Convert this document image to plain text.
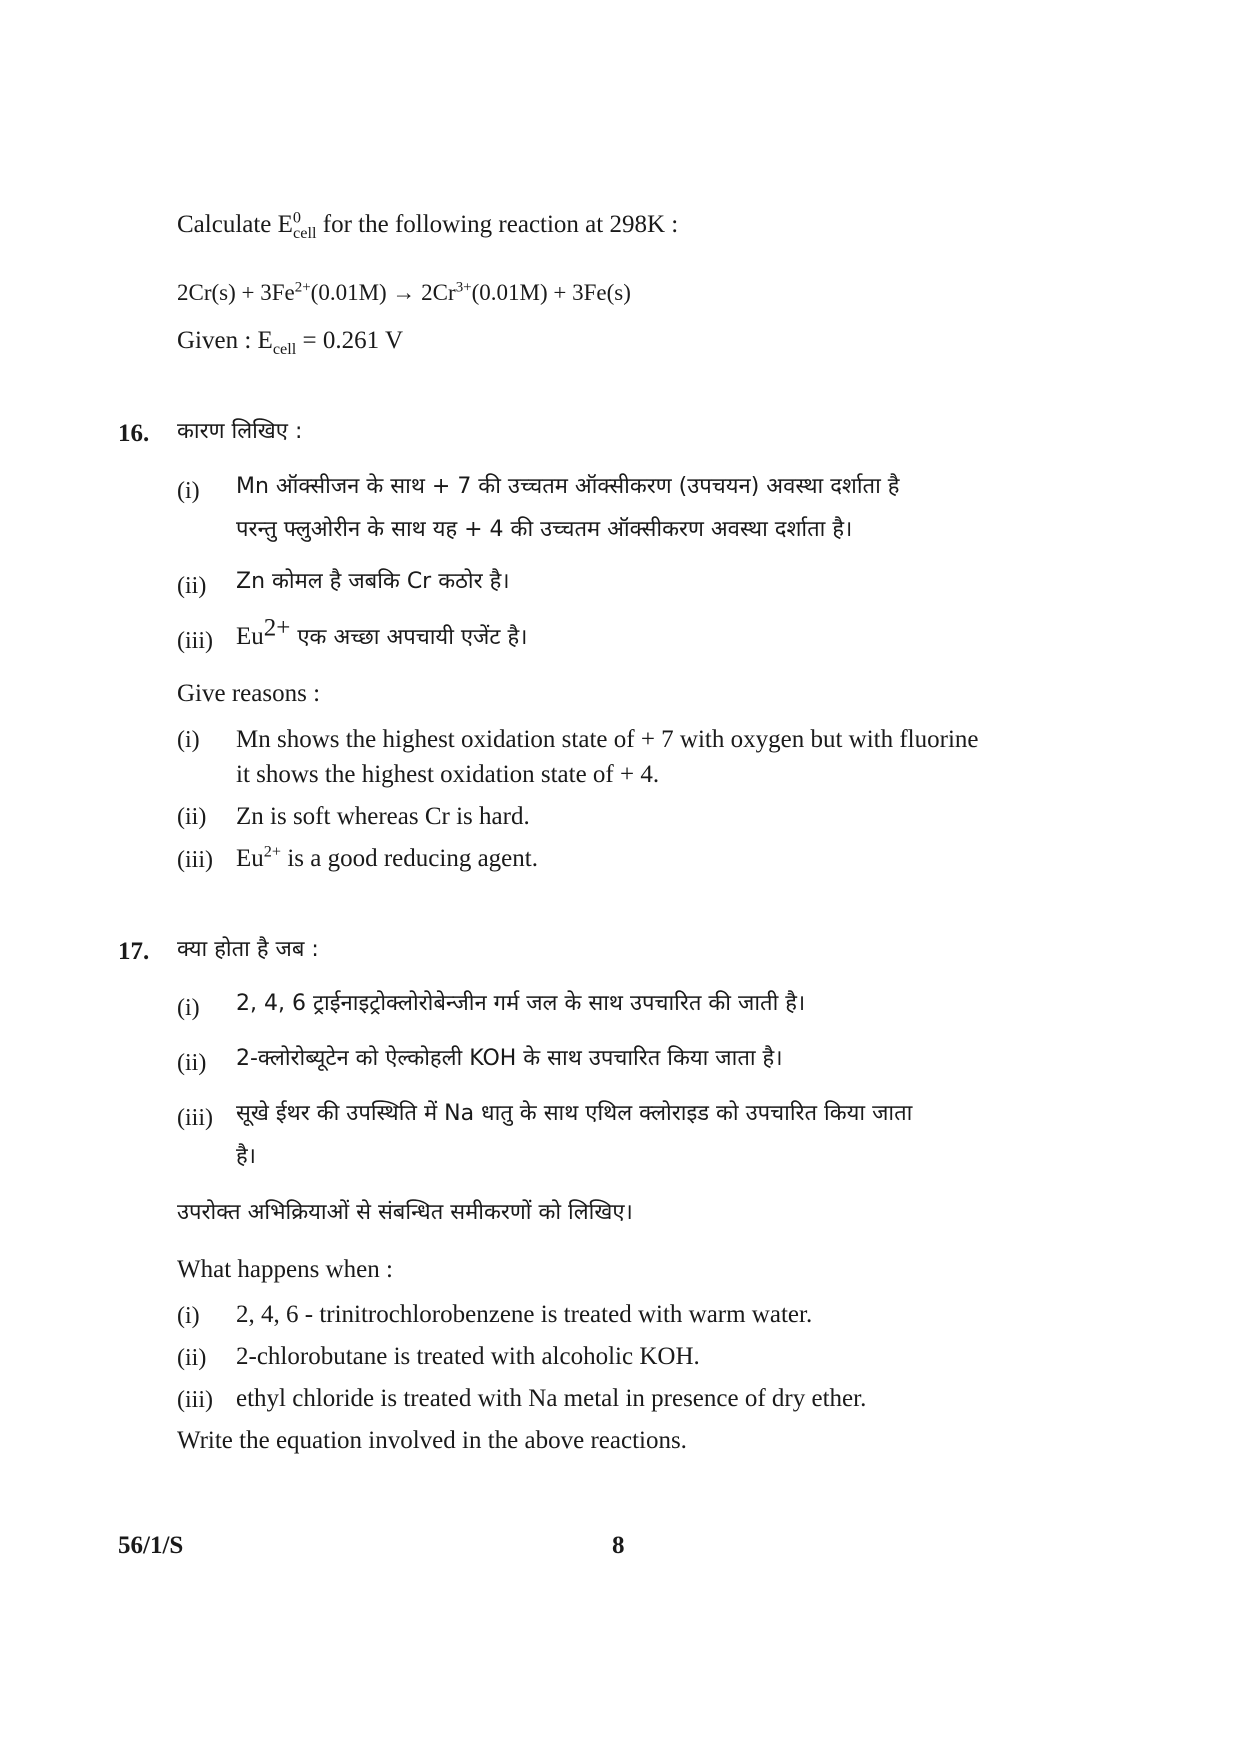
Calculate $E^0_{cell}$ for the following reaction at 298K :
$2Cr(s) + 3Fe^{2+}(0.01M) \to 2Cr^{3+}(0.01M) + 3Fe(s)$
Given : $E_{cell} = 0.261$ V
16. कारण लिखिए :
(i) Mn ऑक्सीजन के साथ + 7 की उच्चतम ऑक्सीकरण (उपचयन) अवस्था दर्शाता है
परन्तु फ्लुओरीन के साथ यह + 4 की उच्चतम ऑक्सीकरण अवस्था दर्शाता है।
(ii) Zn कोमल है जबकि Cr कठोर है।
(iii) $Eu^{2+}$ एक अच्छा अपचायी एजेंट है।
Give reasons :
(i) Mn shows the highest oxidation state of + 7 with oxygen but with fluorine
it shows the highest oxidation state of + 4.
(ii) Zn is soft whereas Cr is hard.
(iii) $Eu^{2+}$ is a good reducing agent.
17. क्या होता है जब :
(i) 2, 4, 6 ट्राईनाइट्रोक्लोरोबेन्जीन गर्म जल के साथ उपचारित की जाती है।
(ii) 2-क्लोरोब्यूटेन को ऐल्कोहली KOH के साथ उपचारित किया जाता है।
(iii) सूखे ईथर की उपस्थिति में Na धातु के साथ एथिल क्लोराइड को उपचारित किया जाता
है।
उपरोक्त अभिक्रियाओं से संबन्धित समीकरणों को लिखिए।
What happens when :
(i) 2, 4, 6 - trinitrochlorobenzene is treated with warm water.
(ii) 2-chlorobutane is treated with alcoholic KOH.
(iii) ethyl chloride is treated with Na metal in presence of dry ether.
Write the equation involved in the above reactions.
56/1/S	8
